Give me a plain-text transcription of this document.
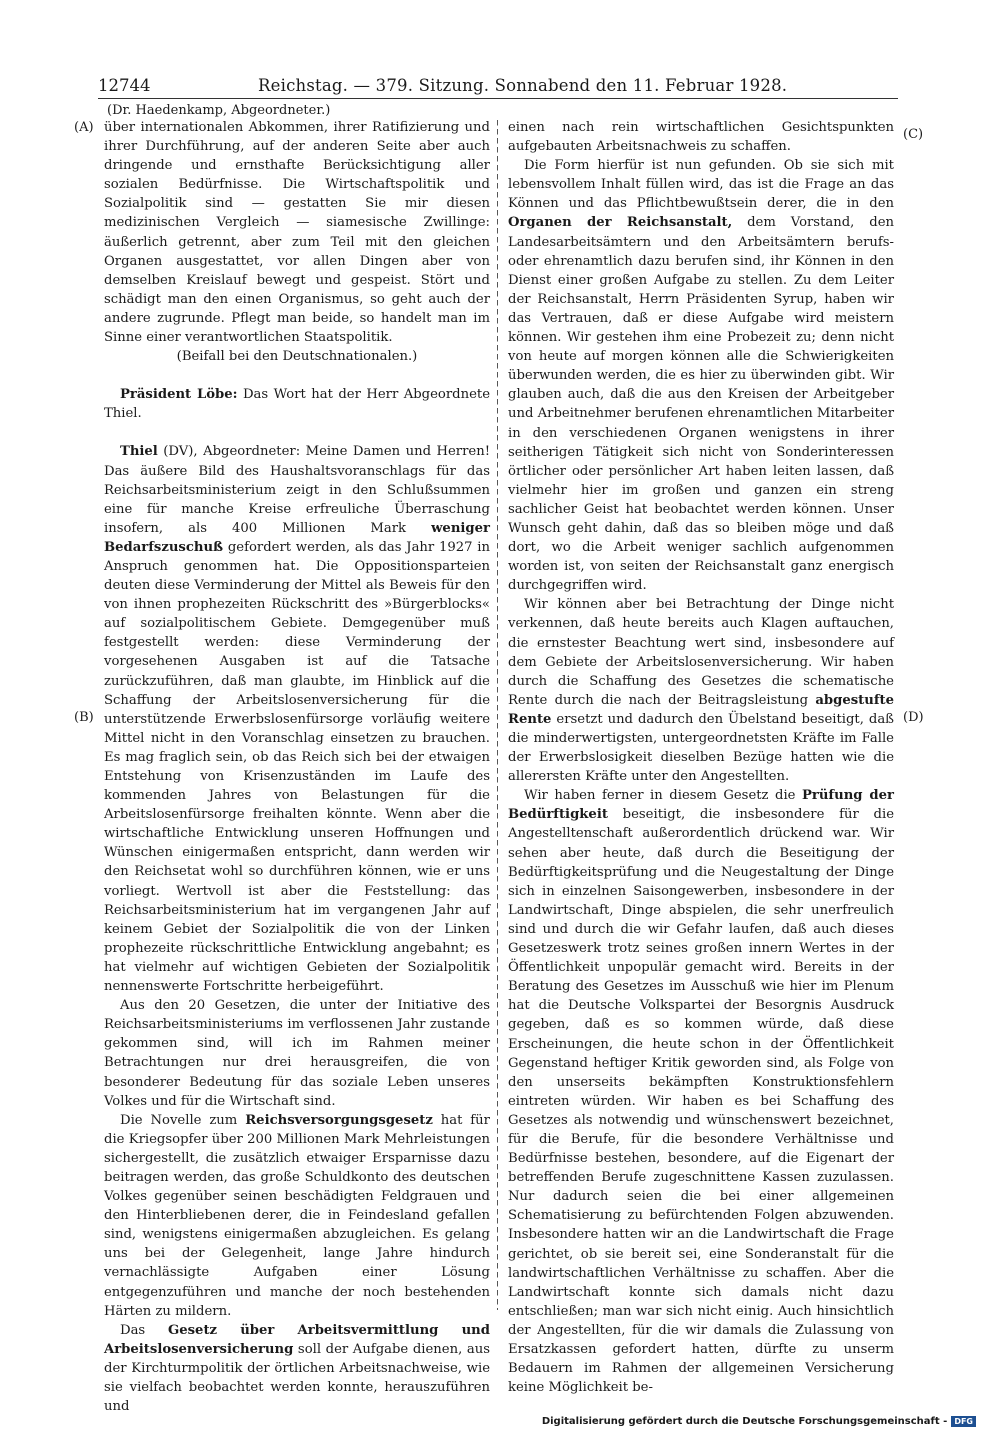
12744	Reichstag. — 379. Sitzung. Sonnabend den 11. Februar 1928.
(Dr. Haedenkamp, Abgeordneter.)
(A)
(B)
(C)
(D)

über internationalen Abkommen, ihrer Ratifizierung und ihrer Durchführung, auf der anderen Seite aber auch dringende und ernsthafte Berücksichtigung aller sozialen Bedürfnisse. Die Wirtschaftspolitik und Sozialpolitik sind — gestatten Sie mir diesen medizinischen Vergleich — siamesische Zwillinge: äußerlich getrennt, aber zum Teil mit den gleichen Organen ausgestattet, vor allen Dingen aber von demselben Kreislauf bewegt und gespeist. Stört und schädigt man den einen Organismus, so geht auch der andere zugrunde. Pflegt man beide, so handelt man im Sinne einer verantwortlichen Staatspolitik.

(Beifall bei den Deutschnationalen.)

Präsident Löbe: Das Wort hat der Herr Abgeordnete Thiel.

Thiel (DV), Abgeordneter: Meine Damen und Herren! Das äußere Bild des Haushaltsvoranschlags für das Reichsarbeitsministerium zeigt in den Schlußsummen eine für manche Kreise erfreuliche Überraschung insofern, als 400 Millionen Mark weniger Bedarfszuschuß gefordert werden, als das Jahr 1927 in Anspruch genommen hat. Die Oppositionsparteien deuten diese Verminderung der Mittel als Beweis für den von ihnen prophezeiten Rückschritt des »Bürgerblocks« auf sozialpolitischem Gebiete. Demgegenüber muß festgestellt werden: diese Verminderung der vorgesehenen Ausgaben ist auf die Tatsache zurückzuführen, daß man glaubte, im Hinblick auf die Schaffung der Arbeitslosenversicherung für die unterstützende Erwerbslosenfürsorge vorläufig weitere Mittel nicht in den Voranschlag einsetzen zu brauchen. Es mag fraglich sein, ob das Reich sich bei der etwaigen Entstehung von Krisenzuständen im Laufe des kommenden Jahres von Belastungen für die Arbeitslosenfürsorge freihalten könnte. Wenn aber die wirtschaftliche Entwicklung unseren Hoffnungen und Wünschen einigermaßen entspricht, dann werden wir den Reichsetat wohl so durchführen können, wie er uns vorliegt. Wertvoll ist aber die Feststellung: das Reichsarbeitsministerium hat im vergangenen Jahr auf keinem Gebiet der Sozialpolitik die von der Linken prophezeite rückschrittliche Entwicklung angebahnt; es hat vielmehr auf wichtigen Gebieten der Sozialpolitik nennenswerte Fortschritte herbeigeführt.

Aus den 20 Gesetzen, die unter der Initiative des Reichsarbeitsministeriums im verflossenen Jahr zustande gekommen sind, will ich im Rahmen meiner Betrachtungen nur drei herausgreifen, die von besonderer Bedeutung für das soziale Leben unseres Volkes und für die Wirtschaft sind.

Die Novelle zum Reichsversorgungsgesetz hat für die Kriegsopfer über 200 Millionen Mark Mehrleistungen sichergestellt, die zusätzlich etwaiger Ersparnisse dazu beitragen werden, das große Schuldkonto des deutschen Volkes gegenüber seinen beschädigten Feldgrauen und den Hinterbliebenen derer, die in Feindesland gefallen sind, wenigstens einigermaßen abzugleichen. Es gelang uns bei der Gelegenheit, lange Jahre hindurch vernachlässigte Aufgaben einer Lösung entgegenzuführen und manche der noch bestehenden Härten zu mildern.

Das Gesetz über Arbeitsvermittlung und Arbeitslosenversicherung soll der Aufgabe dienen, aus der Kirchturmpolitik der örtlichen Arbeitsnachweise, wie sie vielfach beobachtet werden konnte, herauszuführen und

einen nach rein wirtschaftlichen Gesichtspunkten aufgebauten Arbeitsnachweis zu schaffen.

Die Form hierfür ist nun gefunden. Ob sie sich mit lebensvollem Inhalt füllen wird, das ist die Frage an das Können und das Pflichtbewußtsein derer, die in den Organen der Reichsanstalt, dem Vorstand, den Landesarbeitsämtern und den Arbeitsämtern berufs- oder ehrenamtlich dazu berufen sind, ihr Können in den Dienst einer großen Aufgabe zu stellen. Zu dem Leiter der Reichsanstalt, Herrn Präsidenten Syrup, haben wir das Vertrauen, daß er diese Aufgabe wird meistern können. Wir gestehen ihm eine Probezeit zu; denn nicht von heute auf morgen können alle die Schwierigkeiten überwunden werden, die es hier zu überwinden gibt. Wir glauben auch, daß die aus den Kreisen der Arbeitgeber und Arbeitnehmer berufenen ehrenamtlichen Mitarbeiter in den verschiedenen Organen wenigstens in ihrer seitherigen Tätigkeit sich nicht von Sonderinteressen örtlicher oder persönlicher Art haben leiten lassen, daß vielmehr hier im großen und ganzen ein streng sachlicher Geist hat beobachtet werden können. Unser Wunsch geht dahin, daß das so bleiben möge und daß dort, wo die Arbeit weniger sachlich aufgenommen worden ist, von seiten der Reichsanstalt ganz energisch durchgegriffen wird.

Wir können aber bei Betrachtung der Dinge nicht verkennen, daß heute bereits auch Klagen auftauchen, die ernstester Beachtung wert sind, insbesondere auf dem Gebiete der Arbeitslosenversicherung. Wir haben durch die Schaffung des Gesetzes die schematische Rente durch die nach der Beitragsleistung abgestufte Rente ersetzt und dadurch den Übelstand beseitigt, daß die minderwertigsten, untergeordnetsten Kräfte im Falle der Erwerbslosigkeit dieselben Bezüge hatten wie die allerersten Kräfte unter den Angestellten.

Wir haben ferner in diesem Gesetz die Prüfung der Bedürftigkeit beseitigt, die insbesondere für die Angestelltenschaft außerordentlich drückend war. Wir sehen aber heute, daß durch die Beseitigung der Bedürftigkeitsprüfung und die Neugestaltung der Dinge sich in einzelnen Saisongewerben, insbesondere in der Landwirtschaft, Dinge abspielen, die sehr unerfreulich sind und durch die wir Gefahr laufen, daß auch dieses Gesetzeswerk trotz seines großen innern Wertes in der Öffentlichkeit unpopulär gemacht wird. Bereits in der Beratung des Gesetzes im Ausschuß wie hier im Plenum hat die Deutsche Volkspartei der Besorgnis Ausdruck gegeben, daß es so kommen würde, daß diese Erscheinungen, die heute schon in der Öffentlichkeit Gegenstand heftiger Kritik geworden sind, als Folge von den unserseits bekämpften Konstruktionsfehlern eintreten würden. Wir haben es bei Schaffung des Gesetzes als notwendig und wünschenswert bezeichnet, für die Berufe, für die besondere Verhältnisse und Bedürfnisse bestehen, besondere, auf die Eigenart der betreffenden Berufe zugeschnittene Kassen zuzulassen. Nur dadurch seien die bei einer allgemeinen Schematisierung zu befürchtenden Folgen abzuwenden. Insbesondere hatten wir an die Landwirtschaft die Frage gerichtet, ob sie bereit sei, eine Sonderanstalt für die landwirtschaftlichen Verhältnisse zu schaffen. Aber die Landwirtschaft konnte sich damals nicht dazu entschließen; man war sich nicht einig. Auch hinsichtlich der Angestellten, für die wir damals die Zulassung von Ersatzkassen gefordert hatten, dürfte zu unserm Bedauern im Rahmen der allgemeinen Versicherung keine Möglichkeit be-

Digitalisierung gefördert durch die Deutsche Forschungsgemeinschaft - DFG
